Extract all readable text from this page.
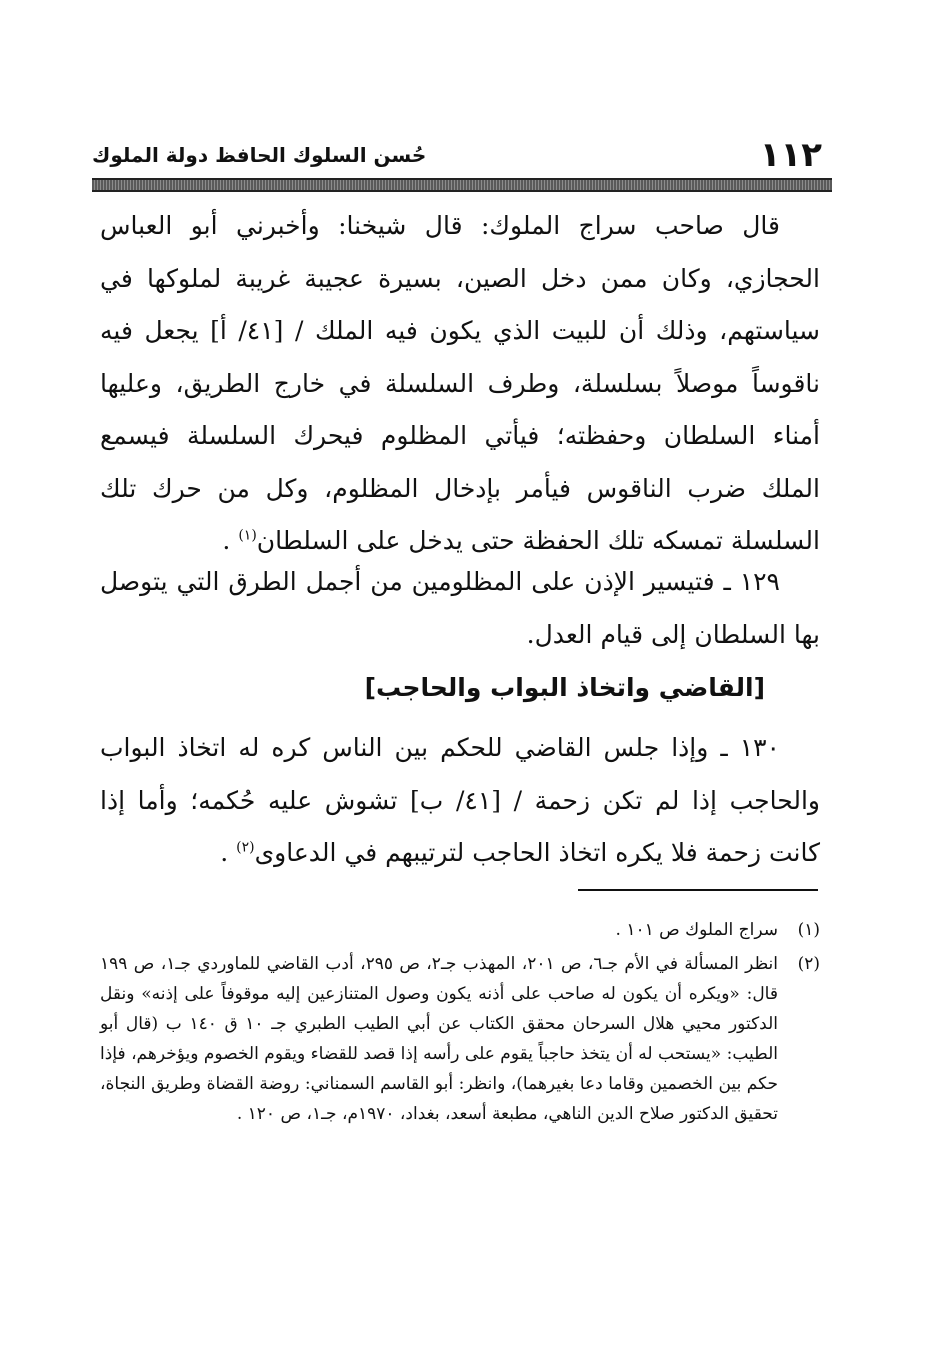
١١٢
حُسن السلوك الحافظ دولة الملوك

قال صاحب سراج الملوك: قال شيخنا: وأخبرني أبو العباس الحجازي، وكان ممن دخل الصين، بسيرة عجيبة غريبة لملوكها في سياستهم، وذلك أن للبيت الذي يكون فيه الملك / [٤١/ أ] يجعل فيه ناقوساً موصلاً بسلسلة، وطرف السلسلة في خارج الطريق، وعليها أمناء السلطان وحفظته؛ فيأتي المظلوم فيحرك السلسلة فيسمع الملك ضرب الناقوس فيأمر بإدخال المظلوم، وكل من حرك تلك السلسلة تمسكه تلك الحفظة حتى يدخل على السلطان$^{(١)}$ .

١٢٩ ـ فتيسير الإذن على المظلومين من أجمل الطرق التي يتوصل بها السلطان إلى قيام العدل.

[القاضي واتخاذ البواب والحاجب]

١٣٠ ـ وإذا جلس القاضي للحكم بين الناس كره له اتخاذ البواب والحاجب إذا لم تكن زحمة / [٤١/ ب] تشوش عليه حُكمه؛ وأما إذا كانت زحمة فلا يكره اتخاذ الحاجب لترتيبهم في الدعاوى$^{(٢)}$ .

(١)
سراج الملوك ص ١٠١ .
(٢)
انظر المسألة في الأم جـ٦، ص ٢٠١، المهذب جـ٢، ص ٢٩٥، أدب القاضي للماوردي جـ١، ص ١٩٩ قال: «ويكره أن يكون له صاحب على أذنه يكون وصول المتنازعين إليه موقوفاً على إذنه» ونقل الدكتور محيي هلال السرحان محقق الكتاب عن أبي الطيب الطبري جـ ١٠ ق ١٤٠ ب (قال أبو الطيب: «يستحب له أن يتخذ حاجباً يقوم على رأسه إذا قصد للقضاء ويقوم الخصوم ويؤخرهم، فإذا حكم بين الخصمين وقاما دعا بغيرهما)، وانظر: أبو القاسم السمناني: روضة القضاة وطريق النجاة، تحقيق الدكتور صلاح الدين الناهي، مطبعة أسعد، بغداد، ١٩٧٠م، جـ١، ص ١٢٠ .
